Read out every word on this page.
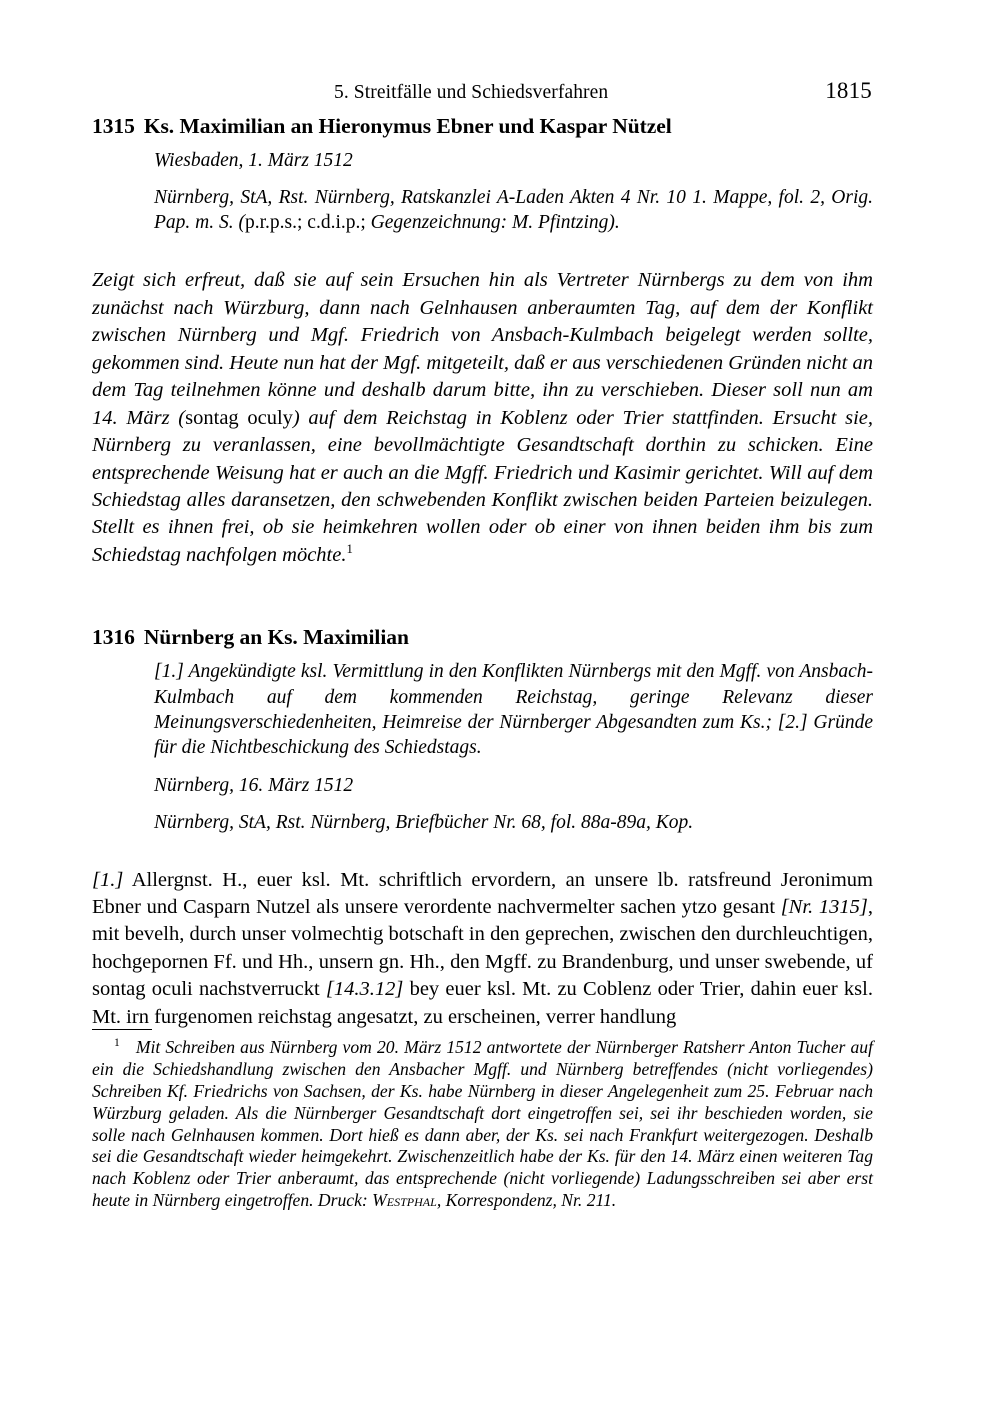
5. Streitfälle und Schiedsverfahren	1815
1315 Ks. Maximilian an Hieronymus Ebner und Kaspar Nützel
Wiesbaden, 1. März 1512
Nürnberg, StA, Rst. Nürnberg, Ratskanzlei A-Laden Akten 4 Nr. 10 1. Mappe, fol. 2, Orig. Pap. m. S. (p.r.p.s.; c.d.i.p.; Gegenzeichnung: M. Pfintzing).

Zeigt sich erfreut, daß sie auf sein Ersuchen hin als Vertreter Nürnbergs zu dem von ihm zunächst nach Würzburg, dann nach Gelnhausen anberaumten Tag, auf dem der Konflikt zwischen Nürnberg und Mgf. Friedrich von Ansbach-Kulmbach beigelegt werden sollte, gekommen sind. Heute nun hat der Mgf. mitgeteilt, daß er aus verschiedenen Gründen nicht an dem Tag teilnehmen könne und deshalb darum bitte, ihn zu verschieben. Dieser soll nun am 14. März (sontag oculy) auf dem Reichstag in Koblenz oder Trier stattfinden. Ersucht sie, Nürnberg zu veranlassen, eine bevollmächtigte Gesandtschaft dorthin zu schicken. Eine entsprechende Weisung hat er auch an die Mgff. Friedrich und Kasimir gerichtet. Will auf dem Schiedstag alles daransetzen, den schwebenden Konflikt zwischen beiden Parteien beizulegen. Stellt es ihnen frei, ob sie heimkehren wollen oder ob einer von ihnen beiden ihm bis zum Schiedstag nachfolgen möchte.$^1$

1316 Nürnberg an Ks. Maximilian
[1.] Angekündigte ksl. Vermittlung in den Konflikten Nürnbergs mit den Mgff. von Ansbach-Kulmbach auf dem kommenden Reichstag, geringe Relevanz dieser Meinungsverschiedenheiten, Heimreise der Nürnberger Abgesandten zum Ks.; [2.] Gründe für die Nichtbeschickung des Schiedstags.
Nürnberg, 16. März 1512
Nürnberg, StA, Rst. Nürnberg, Briefbücher Nr. 68, fol. 88a-89a, Kop.

[1.] Allergnst. H., euer ksl. Mt. schriftlich ervordern, an unsere lb. ratsfreund Jeronimum Ebner und Casparn Nutzel als unsere verordente nachvermelter sachen ytzo gesant [Nr. 1315], mit bevelh, durch unser volmechtig botschaft in den geprechen, zwischen den durchleuchtigen, hochgepornen Ff. und Hh., unsern gn. Hh., den Mgff. zu Brandenburg, und unser swebende, uf sontag oculi nachstverruckt [14.3.12] bey euer ksl. Mt. zu Coblenz oder Trier, dahin euer ksl. Mt. irn furgenomen reichstag angesatzt, zu erscheinen, verrer handlung

$^1$ Mit Schreiben aus Nürnberg vom 20. März 1512 antwortete der Nürnberger Ratsherr Anton Tucher auf ein die Schiedshandlung zwischen den Ansbacher Mgff. und Nürnberg betreffendes (nicht vorliegendes) Schreiben Kf. Friedrichs von Sachsen, der Ks. habe Nürnberg in dieser Angelegenheit zum 25. Februar nach Würzburg geladen. Als die Nürnberger Gesandtschaft dort eingetroffen sei, sei ihr beschieden worden, sie solle nach Gelnhausen kommen. Dort hieß es dann aber, der Ks. sei nach Frankfurt weitergezogen. Deshalb sei die Gesandtschaft wieder heimgekehrt. Zwischenzeitlich habe der Ks. für den 14. März einen weiteren Tag nach Koblenz oder Trier anberaumt, das entsprechende (nicht vorliegende) Ladungsschreiben sei aber erst heute in Nürnberg eingetroffen. Druck: Westphal, Korrespondenz, Nr. 211.
